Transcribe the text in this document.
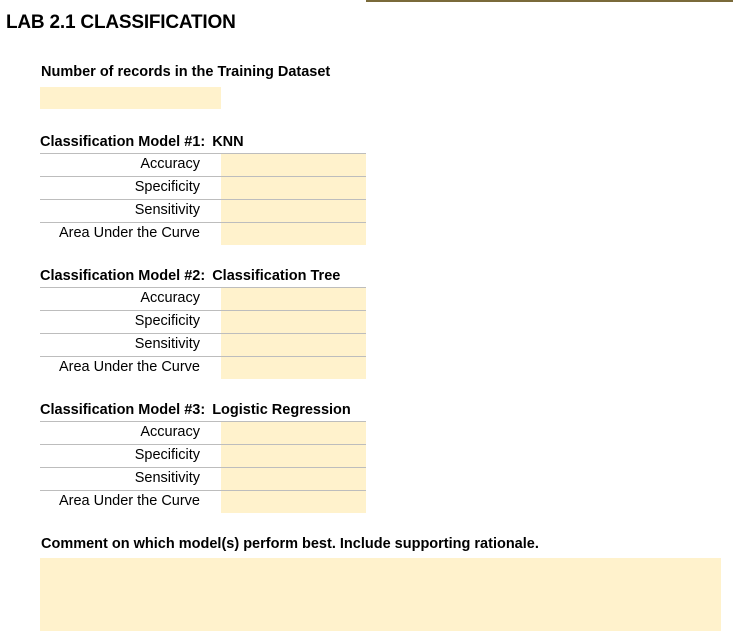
LAB 2.1 CLASSIFICATION
Number of records in the Training Dataset
Classification Model #1: KNN
Accuracy
Specificity
Sensitivity
Area Under the Curve
Classification Model #2: Classification Tree
Accuracy
Specificity
Sensitivity
Area Under the Curve
Classification Model #3: Logistic Regression
Accuracy
Specificity
Sensitivity
Area Under the Curve
Comment on which model(s) perform best. Include supporting rationale.
